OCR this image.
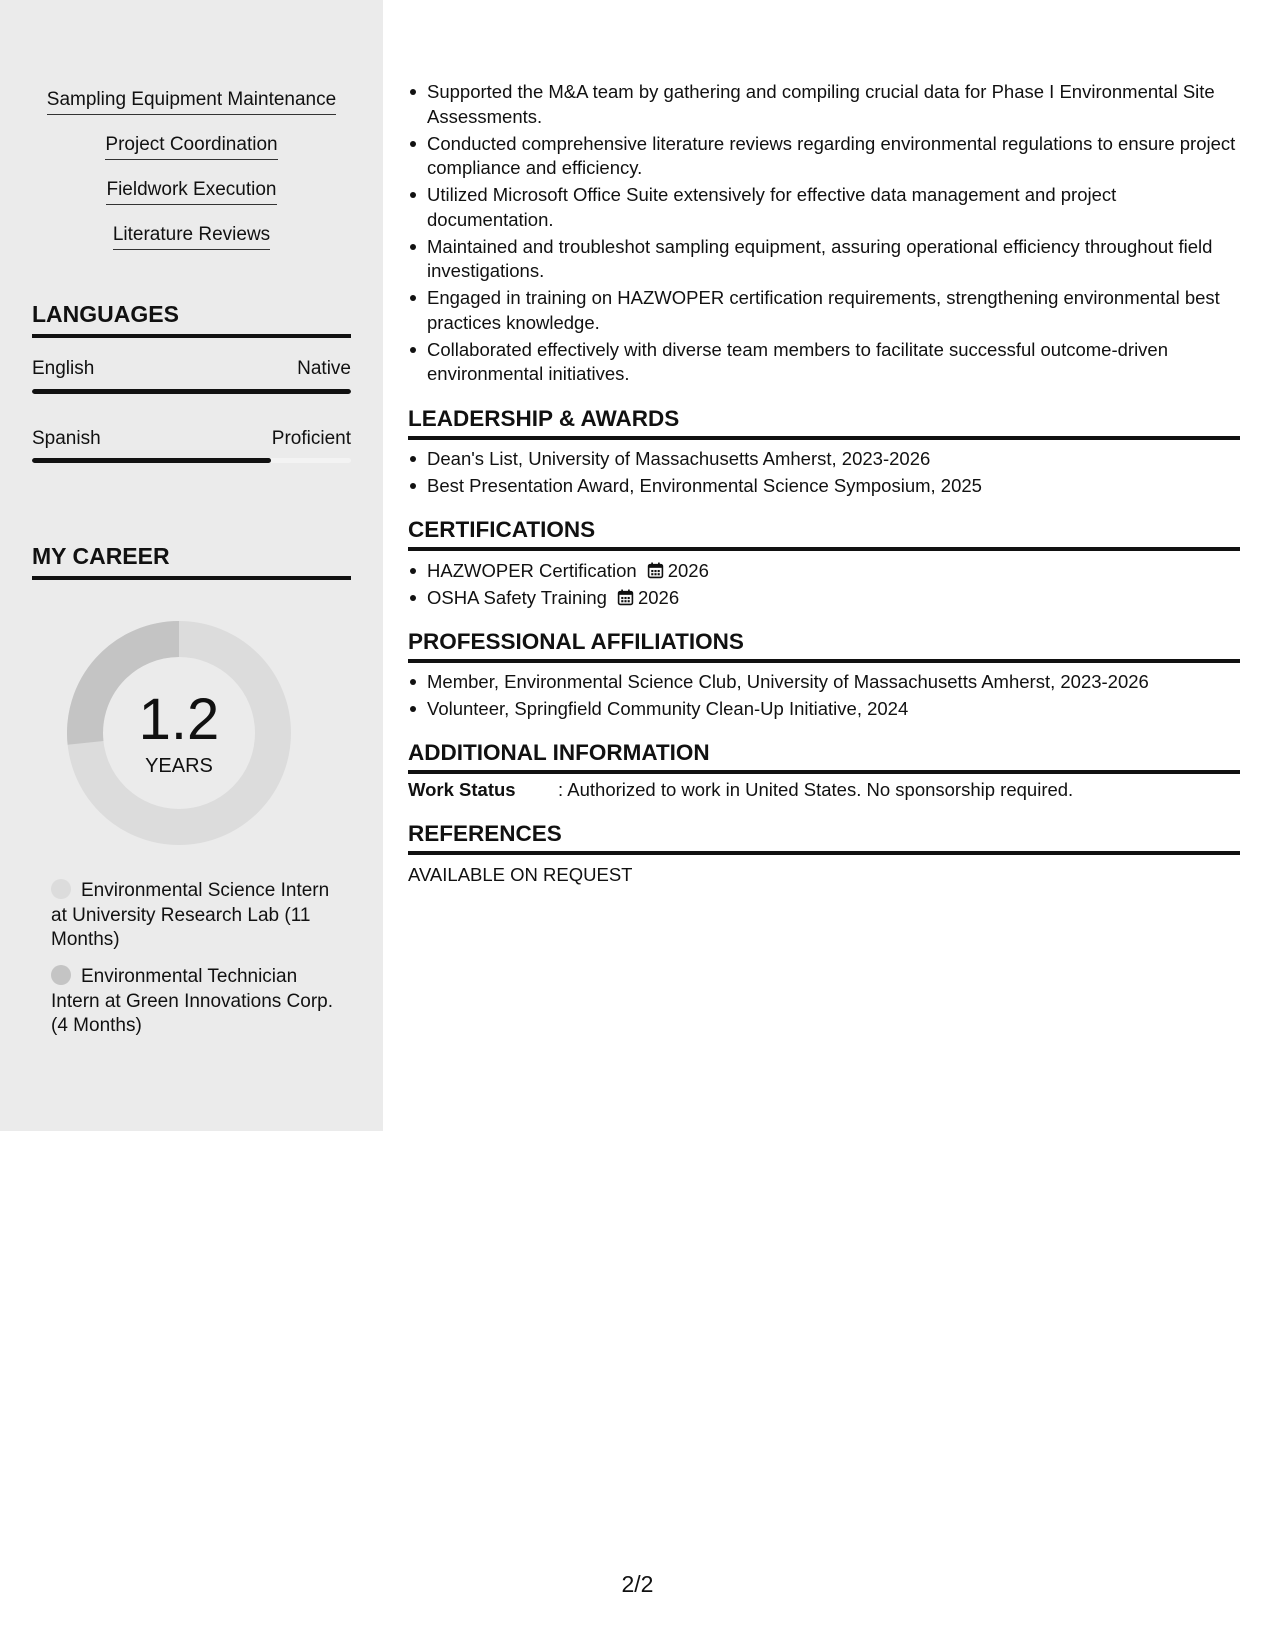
Sampling Equipment Maintenance
Project Coordination
Fieldwork Execution
Literature Reviews
LANGUAGES
English	Native
Spanish	Proficient
MY CAREER
1.2
YEARS
Environmental Science Intern at University Research Lab (11 Months)
Environmental Technician Intern at Green Innovations Corp. (4 Months)
Supported the M&A team by gathering and compiling crucial data for Phase I Environmental Site Assessments.
Conducted comprehensive literature reviews regarding environmental regulations to ensure project compliance and efficiency.
Utilized Microsoft Office Suite extensively for effective data management and project documentation.
Maintained and troubleshot sampling equipment, assuring operational efficiency throughout field investigations.
Engaged in training on HAZWOPER certification requirements, strengthening environmental best practices knowledge.
Collaborated effectively with diverse team members to facilitate successful outcome-driven environmental initiatives.
LEADERSHIP & AWARDS
Dean's List, University of Massachusetts Amherst, 2023-2026
Best Presentation Award, Environmental Science Symposium, 2025
CERTIFICATIONS
HAZWOPER Certification 2026
OSHA Safety Training 2026
PROFESSIONAL AFFILIATIONS
Member, Environmental Science Club, University of Massachusetts Amherst, 2023-2026
Volunteer, Springfield Community Clean-Up Initiative, 2024
ADDITIONAL INFORMATION
Work Status : Authorized to work in United States. No sponsorship required.
REFERENCES
AVAILABLE ON REQUEST
2/2
